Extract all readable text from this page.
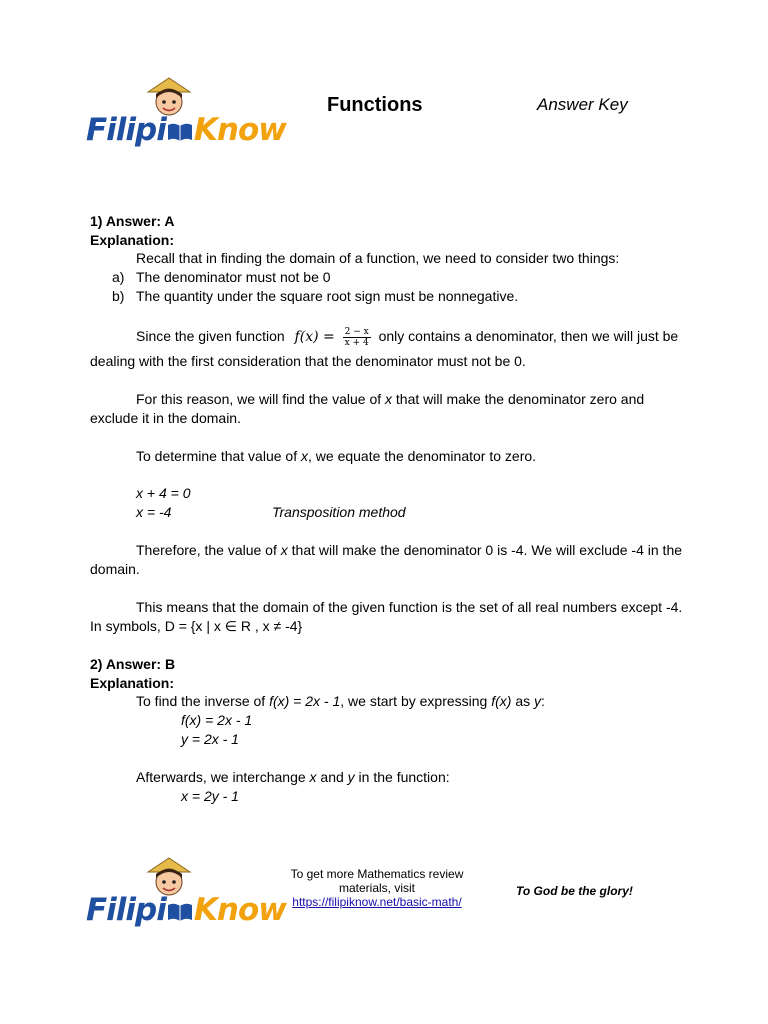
Filipi Know
Functions	Answer Key
1) Answer: A
Explanation:
Recall that in finding the domain of a function, we need to consider two things:
a) The denominator must not be 0
b) The quantity under the square root sign must be nonnegative.
Since the given function $f(x) = \frac{2 - x}{x + 4}$ only contains a denominator, then we will just be
dealing with the first consideration that the denominator must not be 0.
For this reason, we will find the value of x that will make the denominator zero and
exclude it in the domain.
To determine that value of x, we equate the denominator to zero.
x + 4 = 0
x = -4	Transposition method
Therefore, the value of x that will make the denominator 0 is -4. We will exclude -4 in the
domain.
This means that the domain of the given function is the set of all real numbers except -4.
In symbols, D = {x | x ∈ R , x ≠ -4}
2) Answer: B
Explanation:
To find the inverse of f(x) = 2x - 1, we start by expressing f(x) as y:
f(x) = 2x - 1
y = 2x - 1
Afterwards, we interchange x and y in the function:
x = 2y - 1
Filipi Know
To get more Mathematics review
materials, visit
https://filipiknow.net/basic-math/
To God be the glory!
